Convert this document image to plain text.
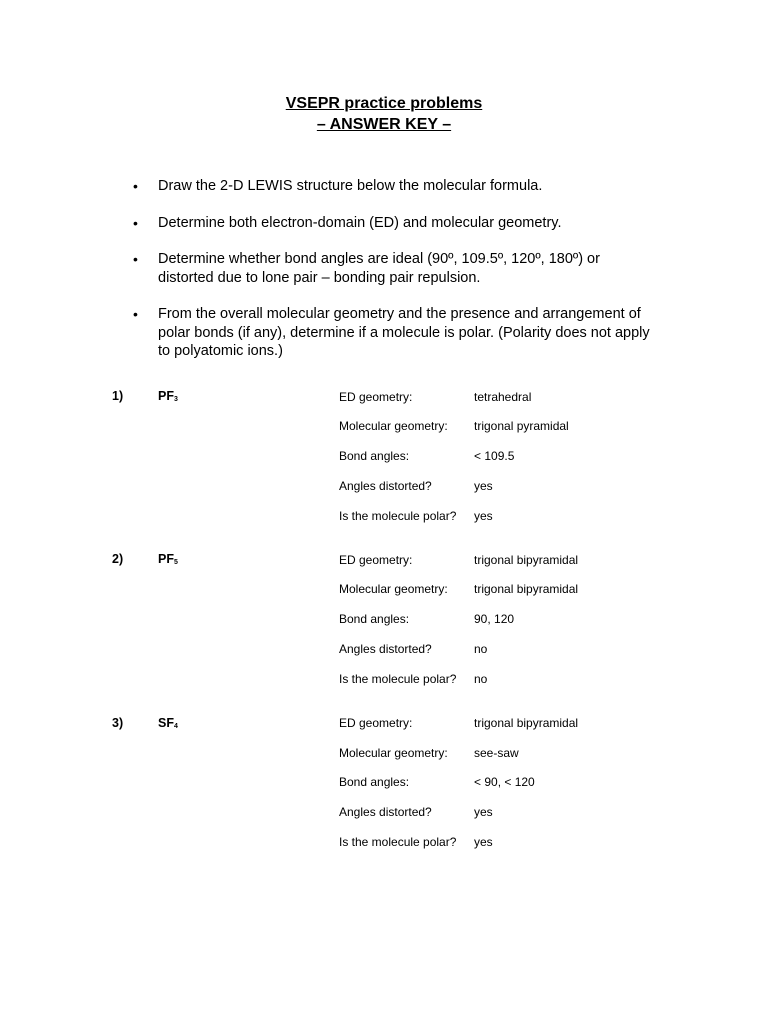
VSEPR practice problems
– ANSWER KEY –
• Draw the 2-D LEWIS structure below the molecular formula.
• Determine both electron-domain (ED) and molecular geometry.
• Determine whether bond angles are ideal (90º, 109.5º, 120º, 180º) or distorted due to lone pair – bonding pair repulsion.
• From the overall molecular geometry and the presence and arrangement of polar bonds (if any), determine if a molecule is polar. (Polarity does not apply to polyatomic ions.)
1)	$PF_3$	ED geometry:	tetrahedral
Molecular geometry: trigonal pyramidal
Bond angles:	< 109.5
Angles distorted?	yes
Is the molecule polar? yes
2)	$PF_5$	ED geometry:	trigonal bipyramidal
Molecular geometry: trigonal bipyramidal
Bond angles:	90, 120
Angles distorted?	no
Is the molecule polar? no
3)	$SF_4$	ED geometry:	trigonal bipyramidal
Molecular geometry: see-saw
Bond angles:	< 90, < 120
Angles distorted?	yes
Is the molecule polar? yes
